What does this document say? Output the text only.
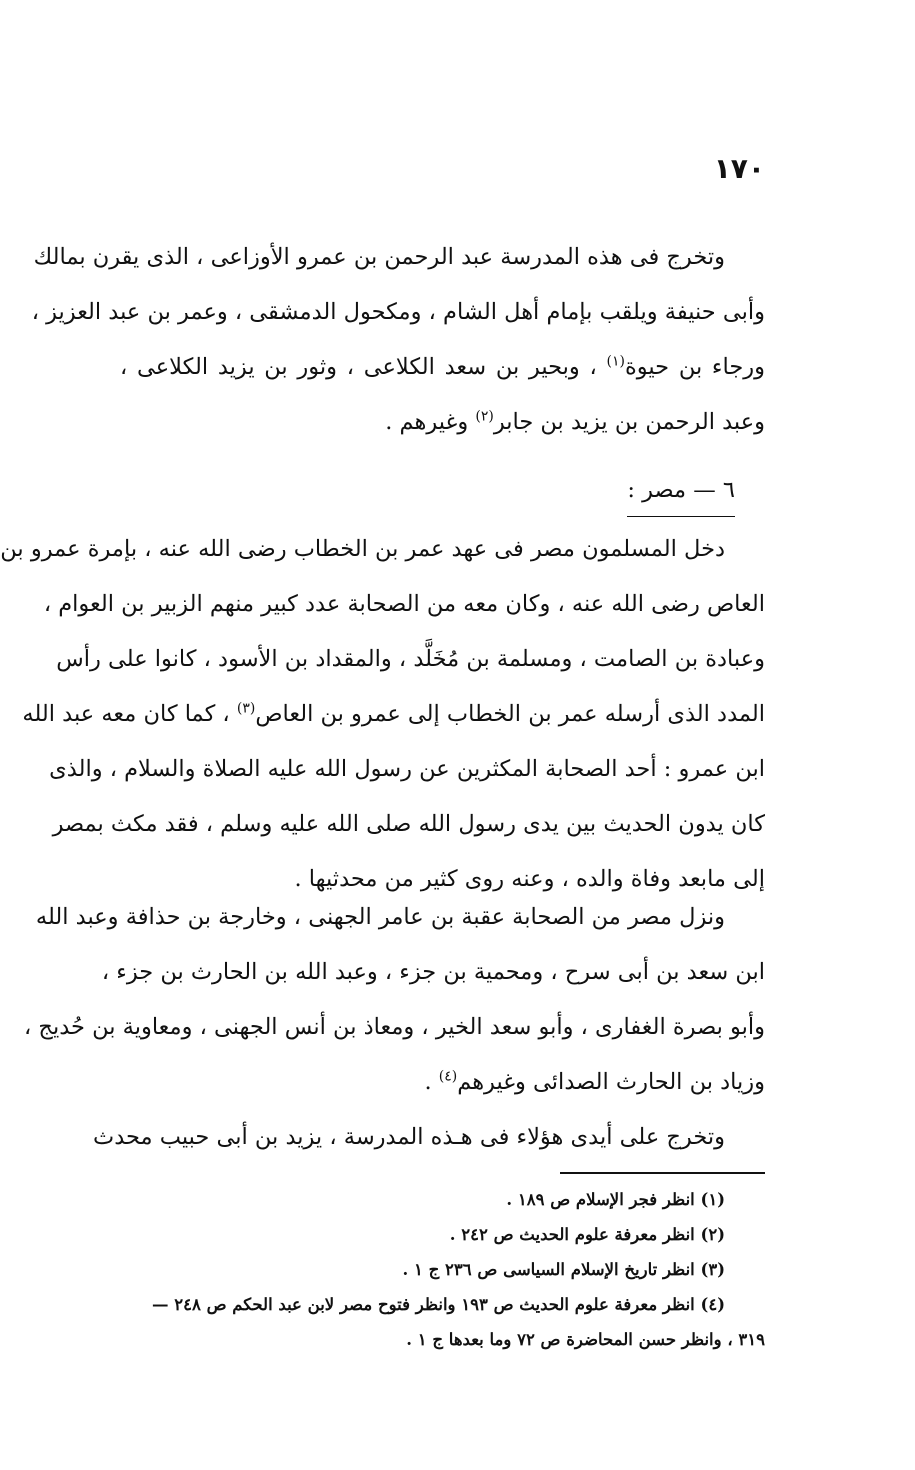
١٧٠
وتخرج فى هذه المدرسة عبد الرحمن بن عمرو الأوزاعى ، الذى يقرن بمالك
وأبى حنيفة ويلقب بإمام أهل الشام ، ومكحول الدمشقى ، وعمر بن عبد العزيز ،
ورجاء بن حيوة$^{(١)}$ ، وبحير بن سعد الكلاعى ، وثور بن يزيد الكلاعى ،
وعبد الرحمن بن يزيد بن جابر$^{(٢)}$ وغيرهم .
٦ — مصر :
دخل المسلمون مصر فى عهد عمر بن الخطاب رضى الله عنه ، بإمرة عمرو بن
العاص رضى الله عنه ، وكان معه من الصحابة عدد كبير منهم الزبير بن العوام ،
وعبادة بن الصامت ، ومسلمة بن مُخَلَّد ، والمقداد بن الأسود ، كانوا على رأس
المدد الذى أرسله عمر بن الخطاب إلى عمرو بن العاص$^{(٣)}$ ، كما كان معه عبد الله
ابن عمرو : أحد الصحابة المكثرين عن رسول الله عليه الصلاة والسلام ، والذى
كان يدون الحديث بين يدى رسول الله صلى الله عليه وسلم ، فقد مكث بمصر
إلى مابعد وفاة والده ، وعنه روى كثير من محدثيها .
ونزل مصر من الصحابة عقبة بن عامر الجهنى ، وخارجة بن حذافة وعبد الله
ابن سعد بن أبى سرح ، ومحمية بن جزء ، وعبد الله بن الحارث بن جزء ،
وأبو بصرة الغفارى ، وأبو سعد الخير ، ومعاذ بن أنس الجهنى ، ومعاوية بن حُديج ،
وزياد بن الحارث الصدائى وغيرهم$^{(٤)}$ .
وتخرج على أيدى هؤلاء فى هـذه المدرسة ، يزيد بن أبى حبيب محدث
(١) انظر فجر الإسلام ص ١٨٩ .
(٢) انظر معرفة علوم الحديث ص ٢٤٢ .
(٣) انظر تاريخ الإسلام السياسى ص ٢٣٦ ج ١ .
(٤) انظر معرفة علوم الحديث ص ١٩٣ وانظر فتوح مصر لابن عبد الحكم ص ٢٤٨ —
٣١٩ ، وانظر حسن المحاضرة ص ٧٢ وما بعدها ج ١ .
